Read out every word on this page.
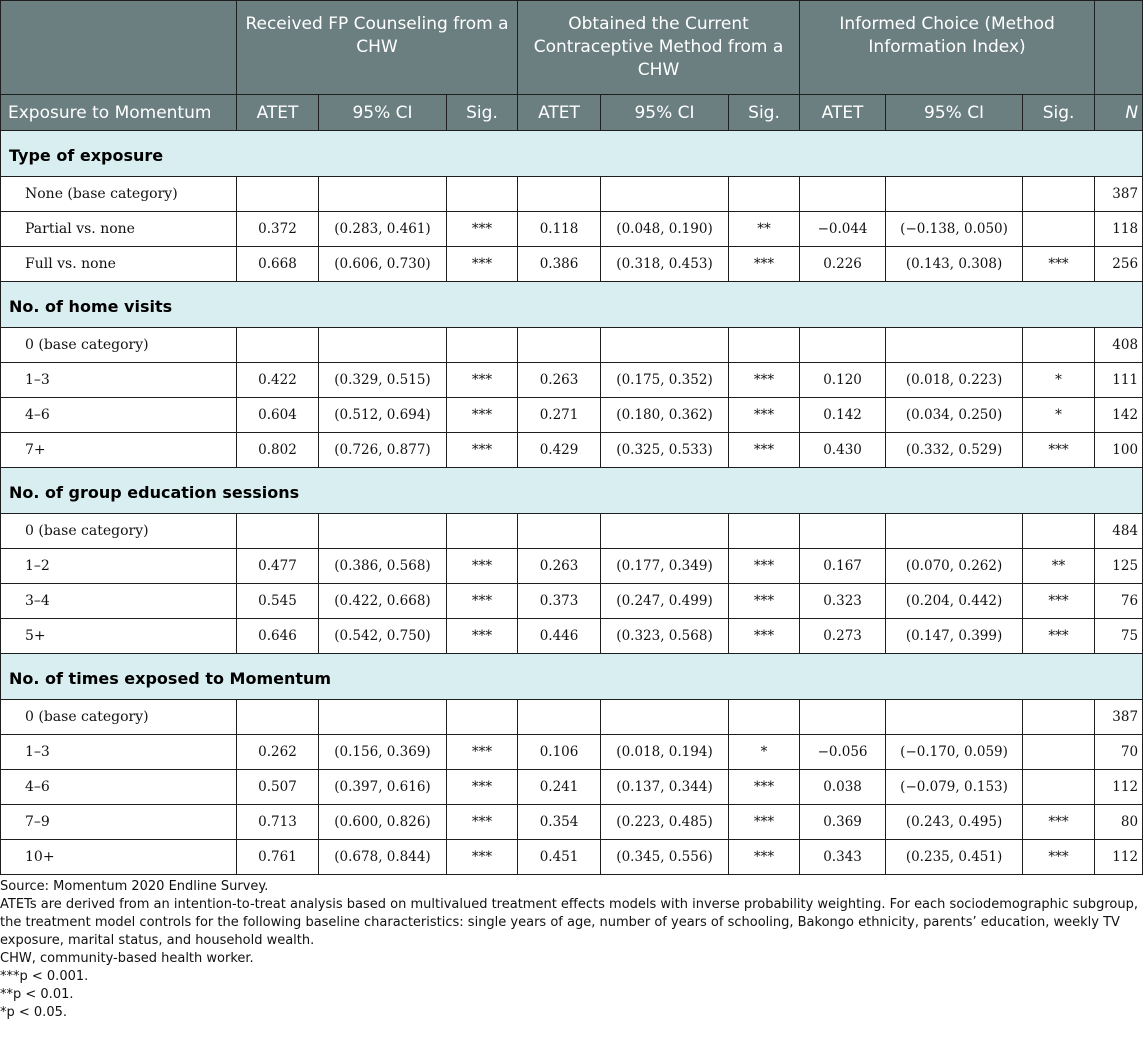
	Received FP Counseling from a CHW			Obtained the Current Contraceptive Method from a CHW			Informed Choice (Method Information Index)			
Exposure to Momentum	ATET	95% CI	Sig.	ATET	95% CI	Sig.	ATET	95% CI	Sig.	N
Type of exposure										
None (base category)										387
Partial vs. none	0.372	(0.283, 0.461)	***	0.118	(0.048, 0.190)	**	−0.044	(−0.138, 0.050)		118
Full vs. none	0.668	(0.606, 0.730)	***	0.386	(0.318, 0.453)	***	0.226	(0.143, 0.308)	***	256
No. of home visits										
0 (base category)										408
1–3	0.422	(0.329, 0.515)	***	0.263	(0.175, 0.352)	***	0.120	(0.018, 0.223)	*	111
4–6	0.604	(0.512, 0.694)	***	0.271	(0.180, 0.362)	***	0.142	(0.034, 0.250)	*	142
7+	0.802	(0.726, 0.877)	***	0.429	(0.325, 0.533)	***	0.430	(0.332, 0.529)	***	100
No. of group education sessions										
0 (base category)										484
1–2	0.477	(0.386, 0.568)	***	0.263	(0.177, 0.349)	***	0.167	(0.070, 0.262)	**	125
3–4	0.545	(0.422, 0.668)	***	0.373	(0.247, 0.499)	***	0.323	(0.204, 0.442)	***	76
5+	0.646	(0.542, 0.750)	***	0.446	(0.323, 0.568)	***	0.273	(0.147, 0.399)	***	75
No. of times exposed to Momentum										
0 (base category)										387
1–3	0.262	(0.156, 0.369)	***	0.106	(0.018, 0.194)	*	−0.056	(−0.170, 0.059)		70
4–6	0.507	(0.397, 0.616)	***	0.241	(0.137, 0.344)	***	0.038	(−0.079, 0.153)		112
7–9	0.713	(0.600, 0.826)	***	0.354	(0.223, 0.485)	***	0.369	(0.243, 0.495)	***	80
10+	0.761	(0.678, 0.844)	***	0.451	(0.345, 0.556)	***	0.343	(0.235, 0.451)	***	112

Source: Momentum 2020 Endline Survey.

ATETs are derived from an intention-to-treat analysis based on multivalued treatment effects models with inverse probability weighting. For each sociodemographic subgroup, the treatment model controls for the following baseline characteristics: single years of age, number of years of schooling, Bakongo ethnicity, parents’ education, weekly TV exposure, marital status, and household wealth.

CHW, community-based health worker.

***p < 0.001.

**p < 0.01.

*p < 0.05.
